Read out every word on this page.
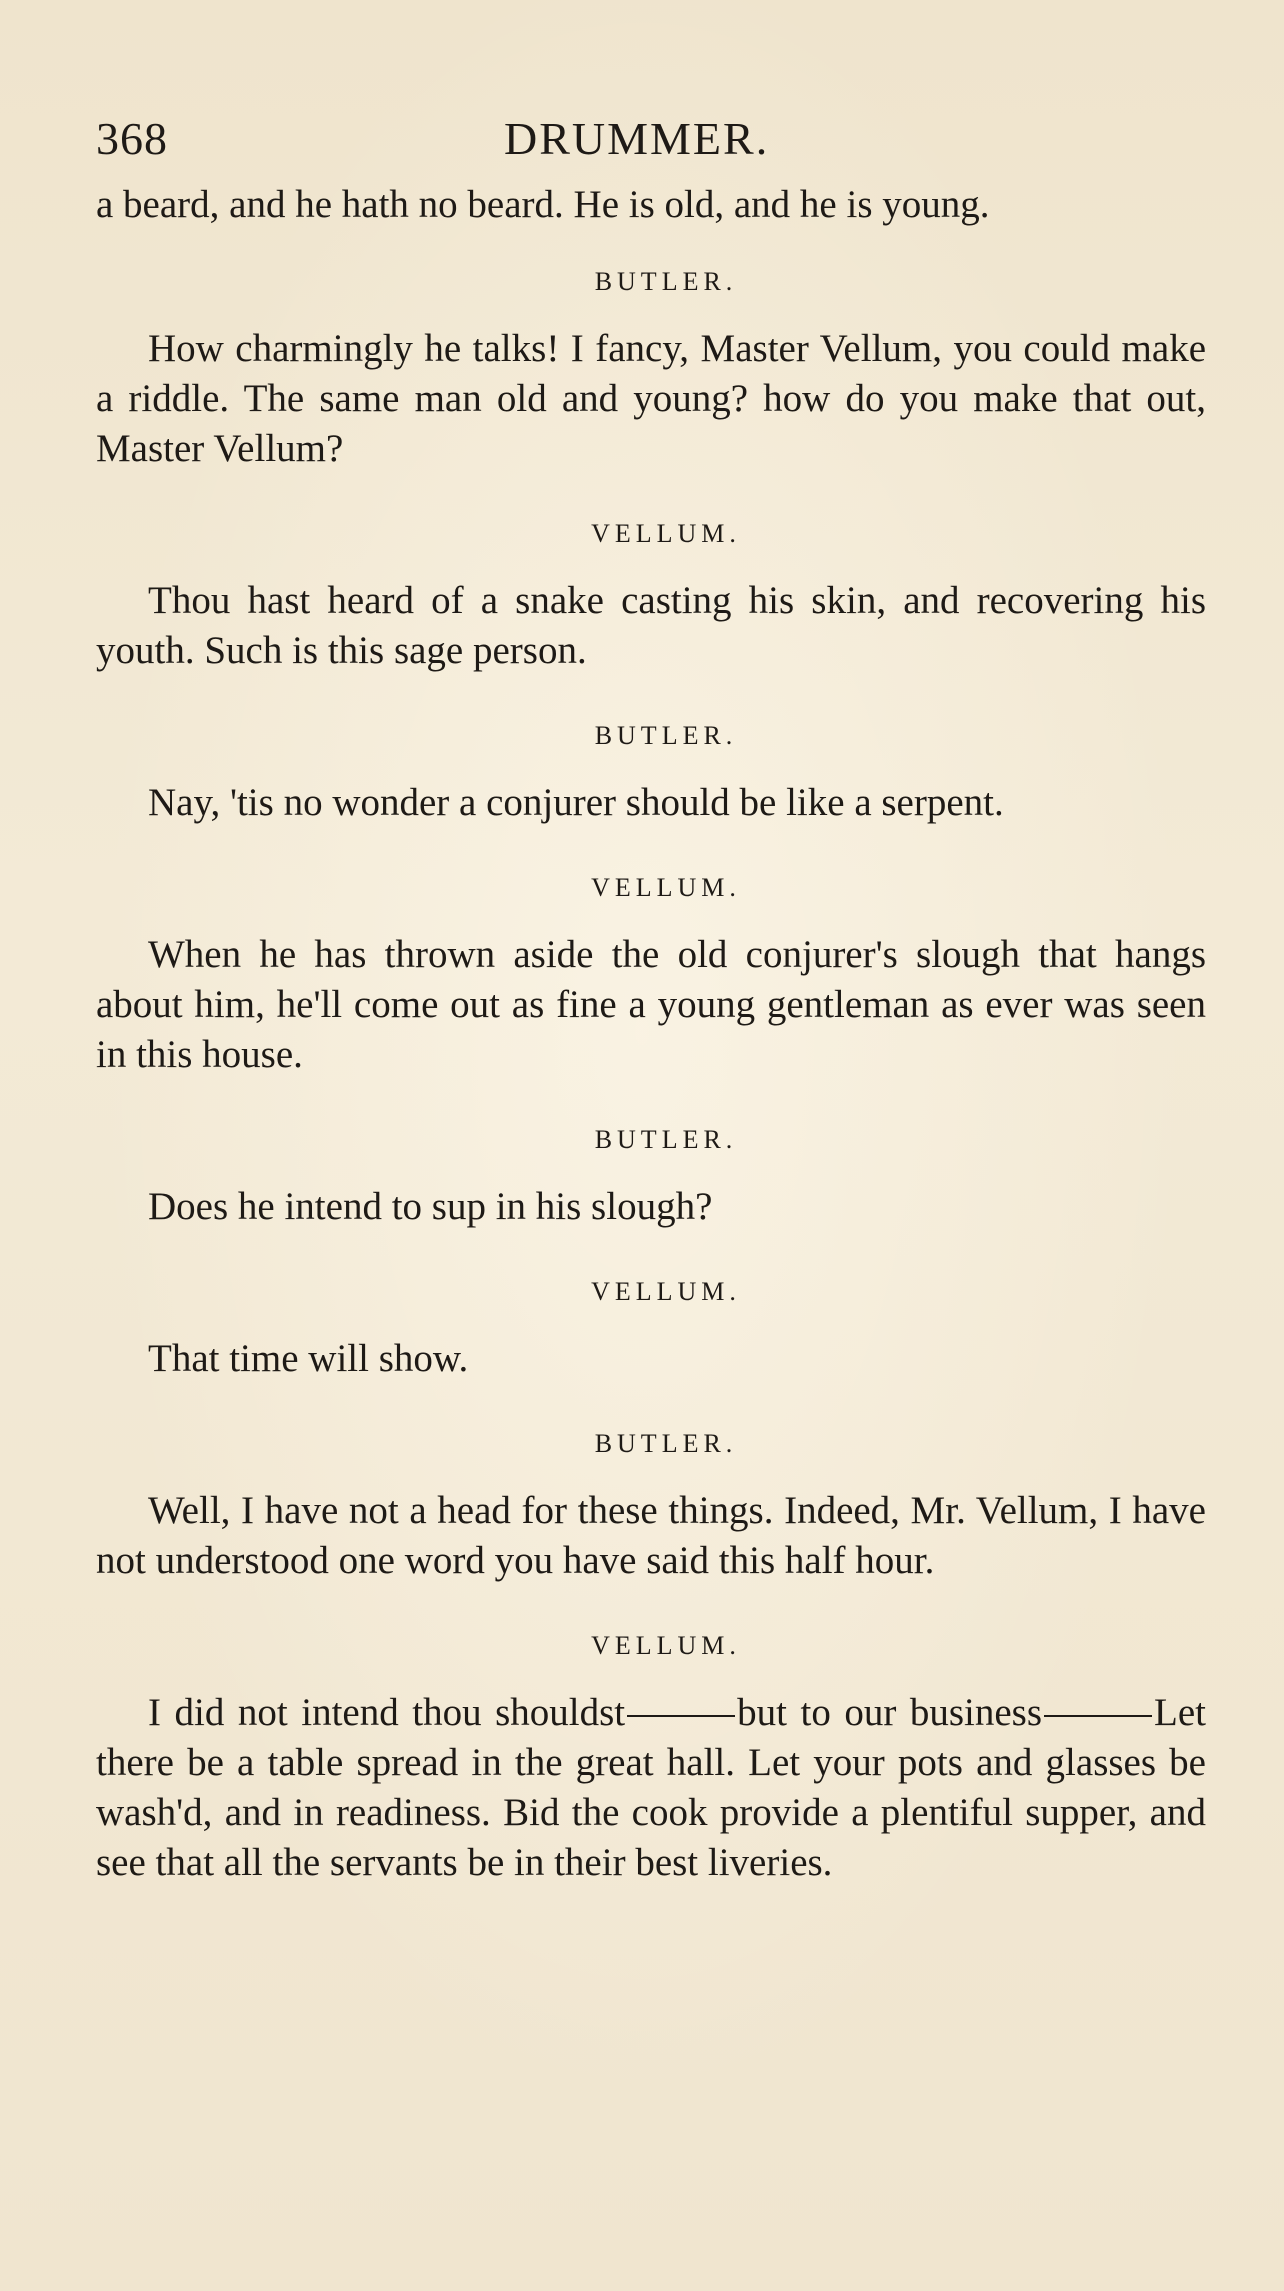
368	DRUMMER.

a beard, and he hath no beard. He is old, and he is young.

BUTLER.

How charmingly he talks! I fancy, Master Vellum, you could make a riddle. The same man old and young? how do you make that out, Master Vellum?

VELLUM.

Thou hast heard of a snake casting his skin, and recovering his youth. Such is this sage person.

BUTLER.

Nay, 'tis no wonder a conjurer should be like a serpent.

VELLUM.

When he has thrown aside the old conjurer's slough that hangs about him, he'll come out as fine a young gentleman as ever was seen in this house.

BUTLER.

Does he intend to sup in his slough?

VELLUM.

That time will show.

BUTLER.

Well, I have not a head for these things. Indeed, Mr. Vellum, I have not understood one word you have said this half hour.

VELLUM.

I did not intend thou shouldst	but to our business	Let there be a table spread in the great hall. Let your pots and glasses be wash'd, and in readiness. Bid the cook provide a plentiful supper, and see that all the servants be in their best liveries.
